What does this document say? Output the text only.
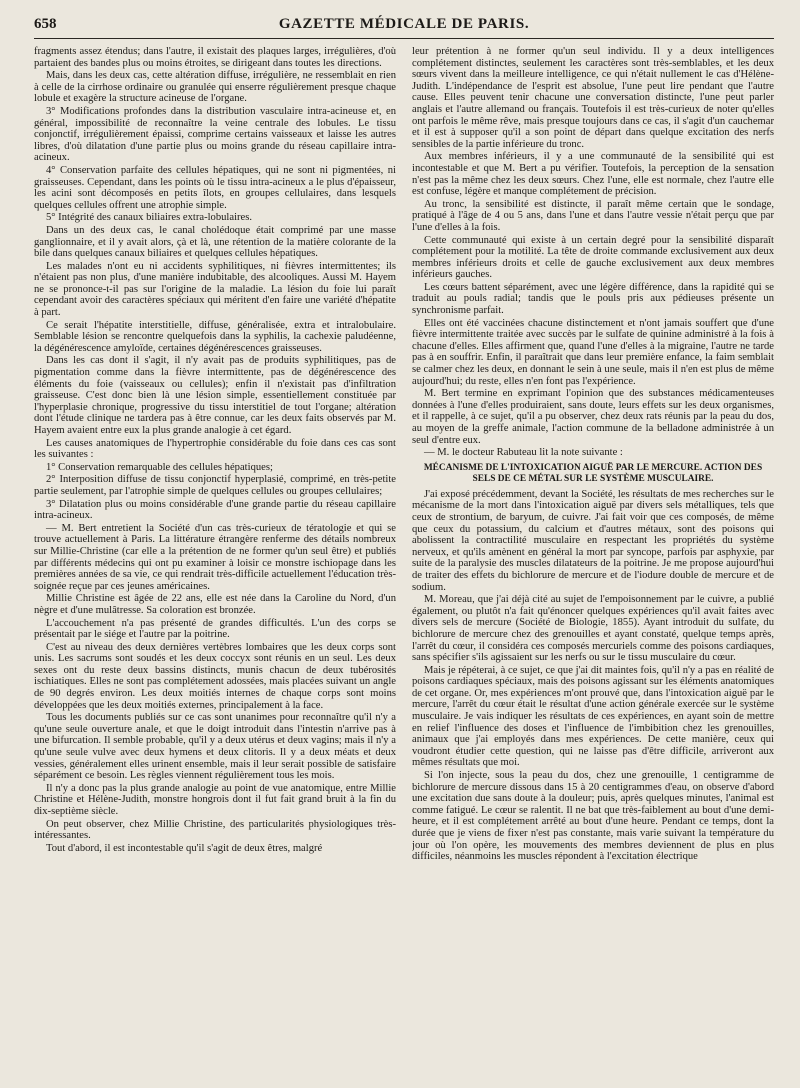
658	GAZETTE MÉDICALE DE PARIS.

fragments assez étendus; dans l'autre, il existait des plaques larges, irrégulières, d'où partaient des bandes plus ou moins étroites, se dirigeant dans toutes les directions.

Mais, dans les deux cas, cette altération diffuse, irrégulière, ne ressemblait en rien à celle de la cirrhose ordinaire ou granulée qui enserre régulièrement presque chaque lobule et exagère la structure acineuse de l'organe.

3° Modifications profondes dans la distribution vasculaire intra-acineuse et, en général, impossibilité de reconnaître la veine centrale des lobules. Le tissu conjonctif, irrégulièrement épaissi, comprime certains vaisseaux et laisse les autres libres, d'où dilatation d'une partie plus ou moins grande du réseau capillaire intra-acineux.

4° Conservation parfaite des cellules hépatiques, qui ne sont ni pigmentées, ni graisseuses. Cependant, dans les points où le tissu intra-acineux a le plus d'épaisseur, les acini sont décomposés en petits îlots, en groupes cellulaires, dans lesquels quelques cellules offrent une atrophie simple.

5° Intégrité des canaux biliaires extra-lobulaires.

Dans un des deux cas, le canal cholédoque était comprimé par une masse ganglionnaire, et il y avait alors, çà et là, une rétention de la matière colorante de la bile dans quelques canaux biliaires et quelques cellules hépatiques.

Les malades n'ont eu ni accidents syphilitiques, ni fièvres intermittentes; ils n'étaient pas non plus, d'une manière indubitable, des alcooliques. Aussi M. Hayem ne se prononce-t-il pas sur l'origine de la maladie. La lésion du foie lui paraît cependant avoir des caractères spéciaux qui méritent d'en faire une variété d'hépatite à part.

Ce serait l'hépatite interstitielle, diffuse, généralisée, extra et intralobulaire. Semblable lésion se rencontre quelquefois dans la syphilis, la cachexie paludéenne, la dégénérescence amyloïde, certaines dégénérescences graisseuses.

Dans les cas dont il s'agit, il n'y avait pas de produits syphilitiques, pas de pigmentation comme dans la fièvre intermittente, pas de dégénérescence des éléments du foie (vaisseaux ou cellules); enfin il n'existait pas d'infiltration graisseuse. C'est donc bien là une lésion simple, essentiellement constituée par l'hyperplasie chronique, progressive du tissu interstitiel de tout l'organe; altération dont l'étude clinique ne tardera pas à être connue, car les deux faits observés par M. Hayem avaient entre eux la plus grande analogie à cet égard.

Les causes anatomiques de l'hypertrophie considérable du foie dans ces cas sont les suivantes :

1° Conservation remarquable des cellules hépatiques;

2° Interposition diffuse de tissu conjonctif hyperplasié, comprimé, en très-petite partie seulement, par l'atrophie simple de quelques cellules ou groupes cellulaires;

3° Dilatation plus ou moins considérable d'une grande partie du réseau capillaire intra-acineux.

— M. Bert entretient la Société d'un cas très-curieux de tératologie et qui se trouve actuellement à Paris. La littérature étrangère renferme des détails nombreux sur Millie-Christine (car elle a la prétention de ne former qu'un seul être) et publiés par différents médecins qui ont pu examiner à loisir ce monstre ischiopage dans les premières années de sa vie, ce qui rendrait très-difficile actuellement l'éducation très-soignée reçue par ces jeunes américaines.

Millie Christine est âgée de 22 ans, elle est née dans la Caroline du Nord, d'un nègre et d'une mulâtresse. Sa coloration est bronzée.

L'accouchement n'a pas présenté de grandes difficultés. L'un des corps se présentait par le siége et l'autre par la poitrine.

C'est au niveau des deux dernières vertèbres lombaires que les deux corps sont unis. Les sacrums sont soudés et les deux coccyx sont réunis en un seul. Les deux sexes ont du reste deux bassins distincts, munis chacun de deux tubérosités ischiatiques. Elles ne sont pas complétement adossées, mais placées suivant un angle de 90 degrés environ. Les deux moitiés internes de chaque corps sont moins développées que les deux moitiés externes, principalement à la face.

Tous les documents publiés sur ce cas sont unanimes pour reconnaître qu'il n'y a qu'une seule ouverture anale, et que le doigt introduit dans l'intestin n'arrive pas à une bifurcation. Il semble probable, qu'il y a deux utérus et deux vagins; mais il n'y a qu'une seule vulve avec deux hymens et deux clitoris. Il y a deux méats et deux vessies, généralement elles urinent ensemble, mais il leur serait possible de satisfaire séparément ce besoin. Les règles viennent régulièrement tous les mois.

Il n'y a donc pas la plus grande analogie au point de vue anatomique, entre Millie Christine et Hélène-Judith, monstre hongrois dont il fut fait grand bruit à la fin du dix-septième siècle.

On peut observer, chez Millie Christine, des particularités physiologiques très-intéressantes.

Tout d'abord, il est incontestable qu'il s'agit de deux êtres, malgré

leur prétention à ne former qu'un seul individu. Il y a deux intelligences complétement distinctes, seulement les caractères sont très-semblables, et les deux sœurs vivent dans la meilleure intelligence, ce qui n'était nullement le cas d'Hélène-Judith. L'indépendance de l'esprit est absolue, l'une peut lire pendant que l'autre cause. Elles peuvent tenir chacune une conversation distincte, l'une peut parler anglais et l'autre allemand ou français. Toutefois il est très-curieux de noter qu'elles ont parfois le même rêve, mais presque toujours dans ce cas, il s'agit d'un cauchemar et il est à supposer qu'il a son point de départ dans quelque excitation des nerfs sensibles de la partie inférieure du tronc.

Aux membres inférieurs, il y a une communauté de la sensibilité qui est incontestable et que M. Bert a pu vérifier. Toutefois, la perception de la sensation n'est pas la même chez les deux sœurs. Chez l'une, elle est normale, chez l'autre elle est confuse, légère et manque complétement de précision.

Au tronc, la sensibilité est distincte, il paraît même certain que le sondage, pratiqué à l'âge de 4 ou 5 ans, dans l'une et dans l'autre vessie n'était perçu que par l'une d'elles à la fois.

Cette communauté qui existe à un certain degré pour la sensibilité disparaît complétement pour la motilité. La tête de droite commande exclusivement aux deux membres inférieurs droits et celle de gauche exclusivement aux deux membres inférieurs gauches.

Les cœurs battent séparément, avec une légère différence, dans la rapidité qui se traduit au pouls radial; tandis que le pouls pris aux pédieuses présente un synchronisme parfait.

Elles ont été vaccinées chacune distinctement et n'ont jamais souffert que d'une fièvre intermittente traitée avec succès par le sulfate de quinine administré à la fois à chacune d'elles. Elles affirment que, quand l'une d'elles à la migraine, l'autre ne tarde pas à en souffrir. Enfin, il paraîtrait que dans leur première enfance, la faim semblait se calmer chez les deux, en donnant le sein à une seule, mais il n'en est plus de même aujourd'hui; du reste, elles n'en font pas l'expérience.

M. Bert termine en exprimant l'opinion que des substances médicamenteuses données à l'une d'elles produiraient, sans doute, leurs effets sur les deux organismes, et il rappelle, à ce sujet, qu'il a pu observer, chez deux rats réunis par la peau du dos, au moyen de la greffe animale, l'action commune de la belladone administrée à un seul d'entre eux.

— M. le docteur Rabuteau lit la note suivante :

MÉCANISME DE L'INTOXICATION AIGUË PAR LE MERCURE. ACTION DES SELS DE CE MÉTAL SUR LE SYSTÈME MUSCULAIRE.

J'ai exposé précédemment, devant la Société, les résultats de mes recherches sur le mécanisme de la mort dans l'intoxication aiguë par divers sels métalliques, tels que ceux de strontium, de baryum, de cuivre. J'ai fait voir que ces composés, de même que ceux du potassium, du calcium et d'autres métaux, sont des poisons qui abolissent la contractilité musculaire en respectant les propriétés du système nerveux, et qu'ils amènent en général la mort par syncope, parfois par asphyxie, par suite de la paralysie des muscles dilatateurs de la poitrine. Je me propose aujourd'hui de traiter des effets du bichlorure de mercure et de l'iodure double de mercure et de sodium.

M. Moreau, que j'ai déjà cité au sujet de l'empoisonnement par le cuivre, a publié également, ou plutôt n'a fait qu'énoncer quelques expériences qu'il avait faites avec divers sels de mercure (Société de Biologie, 1855). Ayant introduit du sulfate, du bichlorure de mercure chez des grenouilles et ayant constaté, quelque temps après, l'arrêt du cœur, il considéra ces composés mercuriels comme des poisons cardiaques, sans spécifier s'ils agissaient sur les nerfs ou sur le tissu musculaire du cœur.

Mais je répéterai, à ce sujet, ce que j'ai dit maintes fois, qu'il n'y a pas en réalité de poisons cardiaques spéciaux, mais des poisons agissant sur les éléments anatomiques de cet organe. Or, mes expériences m'ont prouvé que, dans l'intoxication aiguë par le mercure, l'arrêt du cœur était le résultat d'une action générale exercée sur le système musculaire. Je vais indiquer les résultats de ces expériences, en ayant soin de mettre en relief l'influence des doses et l'influence de l'imbibition chez les grenouilles, animaux que j'ai employés dans mes expériences. De cette manière, ceux qui voudront étudier cette question, qui ne laisse pas d'être difficile, arriveront aux mêmes résultats que moi.

Si l'on injecte, sous la peau du dos, chez une grenouille, 1 centigramme de bichlorure de mercure dissous dans 15 à 20 centigrammes d'eau, on observe d'abord une excitation due sans doute à la douleur; puis, après quelques minutes, l'animal est comme fatigué. Le cœur se ralentit. Il ne bat que très-faiblement au bout d'une demi-heure, et il est complétement arrêté au bout d'une heure. Pendant ce temps, dont la durée que je viens de fixer n'est pas constante, mais varie suivant la température du jour où l'on opère, les mouvements des membres deviennent de plus en plus difficiles, néanmoins les muscles répondent à l'excitation électrique
